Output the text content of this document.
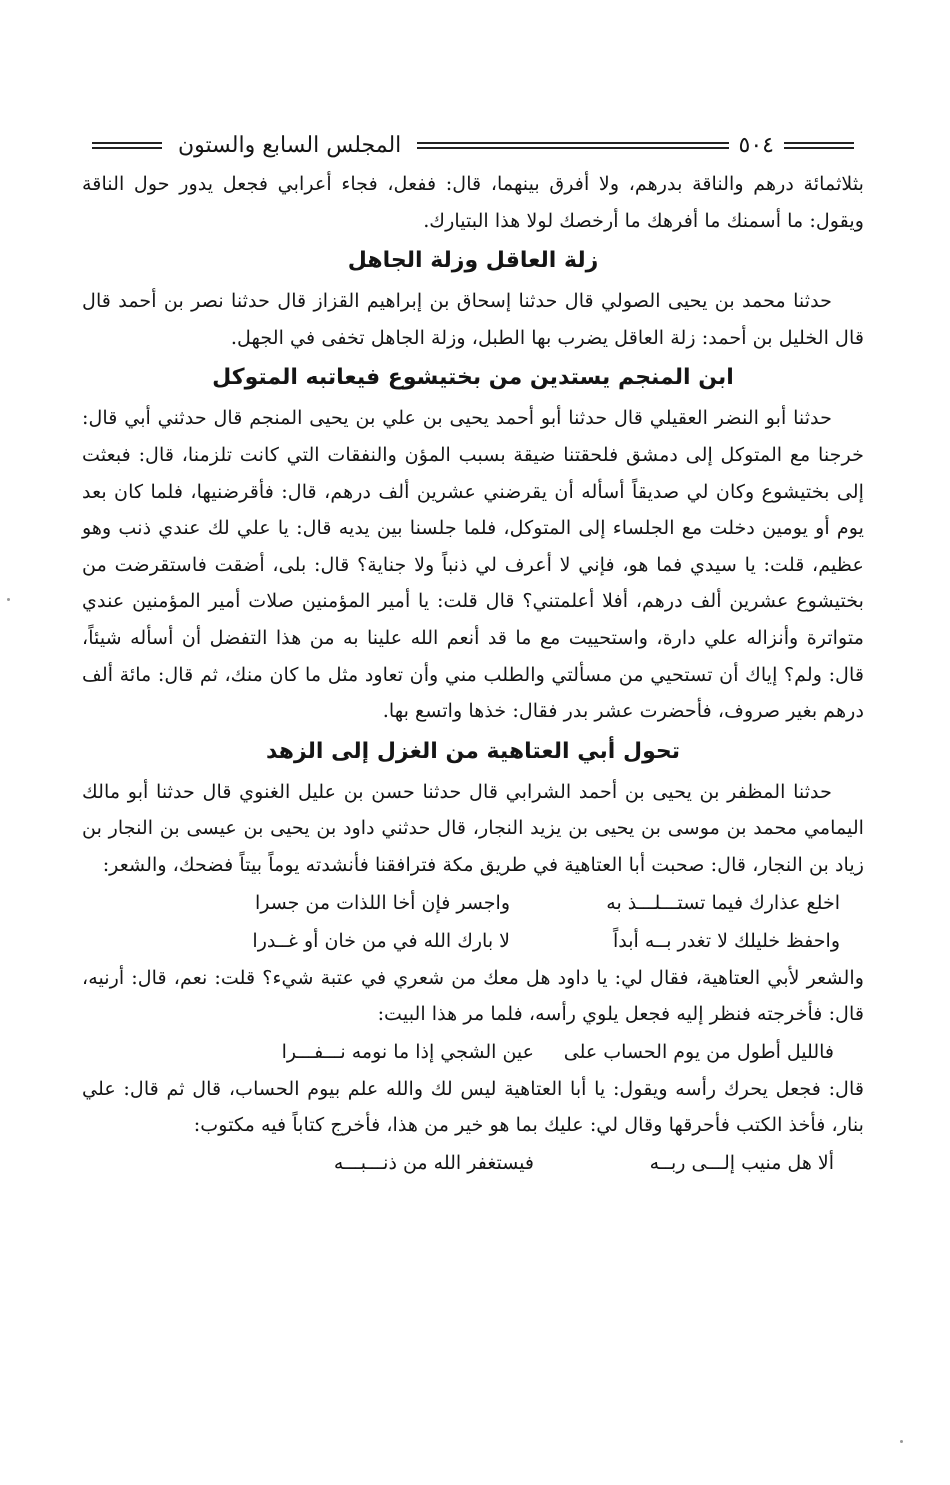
٥٠٤
المجلس السابع والستون

بثلاثمائة درهم والناقة بدرهم، ولا أفرق بينهما، قال: ففعل، فجاء أعرابي فجعل يدور حول الناقة ويقول: ما أسمنك ما أفرهك ما أرخصك لولا هذا البتيارك.

زلة العاقل وزلة الجاهل

حدثنا محمد بن يحيى الصولي قال حدثنا إسحاق بن إبراهيم القزاز قال حدثنا نصر بن أحمد قال قال الخليل بن أحمد: زلة العاقل يضرب بها الطبل، وزلة الجاهل تخفى في الجهل.

ابن المنجم يستدين من بختيشوع فيعاتبه المتوكل

حدثنا أبو النضر العقيلي قال حدثنا أبو أحمد يحيى بن علي بن يحيى المنجم قال حدثني أبي قال: خرجنا مع المتوكل إلى دمشق فلحقتنا ضيقة بسبب المؤن والنفقات التي كانت تلزمنا، قال: فبعثت إلى بختيشوع وكان لي صديقاً أسأله أن يقرضني عشرين ألف درهم، قال: فأقرضنيها، فلما كان بعد يوم أو يومين دخلت مع الجلساء إلى المتوكل، فلما جلسنا بين يديه قال: يا علي لك عندي ذنب وهو عظيم، قلت: يا سيدي فما هو، فإني لا أعرف لي ذنباً ولا جناية؟ قال: بلى، أضقت فاستقرضت من بختيشوع عشرين ألف درهم، أفلا أعلمتني؟ قال قلت: يا أمير المؤمنين صلات أمير المؤمنين عندي متواترة وأنزاله علي دارة، واستحييت مع ما قد أنعم الله علينا به من هذا التفضل أن أسأله شيئاً، قال: ولم؟ إياك أن تستحيي من مسألتي والطلب مني وأن تعاود مثل ما كان منك، ثم قال: مائة ألف درهم بغير صروف، فأحضرت عشر بدر فقال: خذها واتسع بها.

تحول أبي العتاهية من الغزل إلى الزهد

حدثنا المظفر بن يحيى بن أحمد الشرابي قال حدثنا حسن بن عليل الغنوي قال حدثنا أبو مالك اليمامي محمد بن موسى بن يحيى بن يزيد النجار، قال حدثني داود بن يحيى بن عيسى بن النجار بن زياد بن النجار، قال: صحبت أبا العتاهية في طريق مكة فترافقنا فأنشدته يوماً بيتاً فضحك، والشعر:

اخلع عذارك فيما تستـــلـــذ به
واجسر فإن أخا اللذات من جسرا
واحفظ خليلك لا تغدر بــه أبداً
لا بارك الله في من خان أو غــدرا

والشعر لأبي العتاهية، فقال لي: يا داود هل معك من شعري في عتبة شيء؟ قلت: نعم، قال: أرنيه، قال: فأخرجته فنظر إليه فجعل يلوي رأسه، فلما مر هذا البيت:

فالليل أطول من يوم الحساب على
عين الشجي إذا ما نومه نـــفـــرا

قال: فجعل يحرك رأسه ويقول: يا أبا العتاهية ليس لك والله علم بيوم الحساب، قال ثم قال: علي بنار، فأخذ الكتب فأحرقها وقال لي: عليك بما هو خير من هذا، فأخرج كتاباً فيه مكتوب:

ألا هل منيب إلـــى ربــه
فيستغفر الله من ذنـــبـــه
